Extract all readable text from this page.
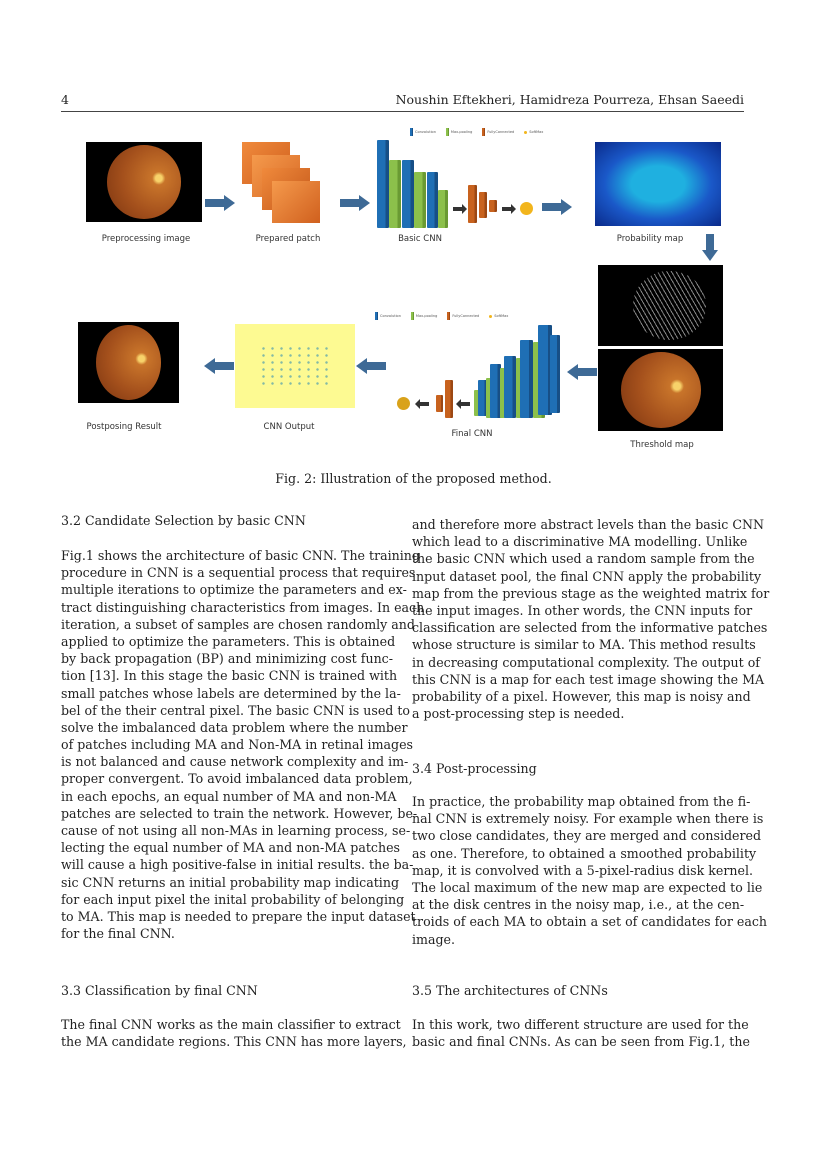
4	Noushin Eftekheri, Hamidreza Pourreza, Ehsan Saeedi
Preprocessing image	Prepared patch
Convolution	Max-pooling	FullyConnected	SoftMax
Basic CNN	Probability map
Threshold map
Convolution	Max-pooling	FullyConnected	SoftMax
Final CNN
CNN Output
Postposing Result
Fig. 2: Illustration of the proposed method.
3.2 Candidate Selection by basic CNN
Fig.1 shows the architecture of basic CNN. The training
procedure in CNN is a sequential process that requires
multiple iterations to optimize the parameters and ex-
tract distinguishing characteristics from images. In each
iteration, a subset of samples are chosen randomly and
applied to optimize the parameters. This is obtained
by back propagation (BP) and minimizing cost func-
tion [13]. In this stage the basic CNN is trained with
small patches whose labels are determined by the la-
bel of the their central pixel. The basic CNN is used to
solve the imbalanced data problem where the number
of patches including MA and Non-MA in retinal images
is not balanced and cause network complexity and im-
proper convergent. To avoid imbalanced data problem,
in each epochs, an equal number of MA and non-MA
patches are selected to train the network. However, be-
cause of not using all non-MAs in learning process, se-
lecting the equal number of MA and non-MA patches
will cause a high positive-false in initial results. the ba-
sic CNN returns an initial probability map indicating
for each input pixel the inital probability of belonging
to MA. This map is needed to prepare the input dataset
for the final CNN.
3.3 Classification by final CNN
The final CNN works as the main classifier to extract
the MA candidate regions. This CNN has more layers,
and therefore more abstract levels than the basic CNN
which lead to a discriminative MA modelling. Unlike
the basic CNN which used a random sample from the
input dataset pool, the final CNN apply the probability
map from the previous stage as the weighted matrix for
the input images. In other words, the CNN inputs for
classification are selected from the informative patches
whose structure is similar to MA. This method results
in decreasing computational complexity. The output of
this CNN is a map for each test image showing the MA
probability of a pixel. However, this map is noisy and
a post-processing step is needed.
3.4 Post-processing
In practice, the probability map obtained from the fi-
nal CNN is extremely noisy. For example when there is
two close candidates, they are merged and considered
as one. Therefore, to obtained a smoothed probability
map, it is convolved with a 5-pixel-radius disk kernel.
The local maximum of the new map are expected to lie
at the disk centres in the noisy map, i.e., at the cen-
troids of each MA to obtain a set of candidates for each
image.
3.5 The architectures of CNNs
In this work, two different structure are used for the
basic and final CNNs. As can be seen from Fig.1, the
